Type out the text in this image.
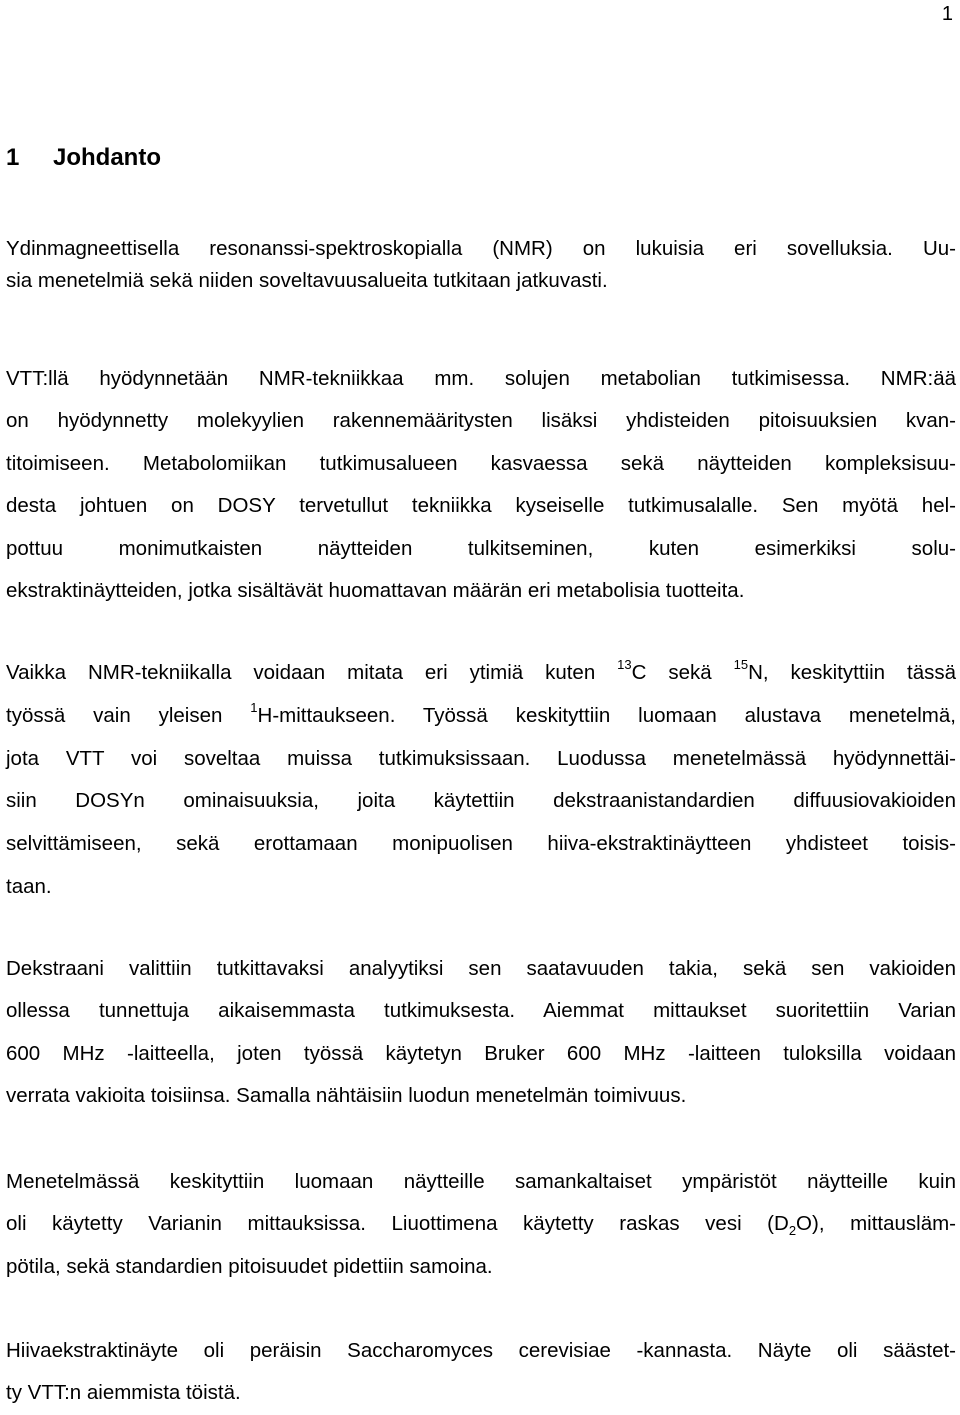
1
1 Johdanto
Ydinmagneettisella resonanssi-spektroskopialla (NMR) on lukuisia eri sovelluksia. Uu-
sia menetelmiä sekä niiden soveltavuusalueita tutkitaan jatkuvasti.
VTT:llä hyödynnetään NMR-tekniikkaa mm. solujen metabolian tutkimisessa. NMR:ää
on hyödynnetty molekyylien rakennemääritysten lisäksi yhdisteiden pitoisuuksien kvan-
titoimiseen. Metabolomiikan tutkimusalueen kasvaessa sekä näytteiden kompleksisuu-
desta johtuen on DOSY tervetullut tekniikka kyseiselle tutkimusalalle. Sen myötä hel-
pottuu monimutkaisten näytteiden tulkitseminen, kuten esimerkiksi solu-
ekstraktinäytteiden, jotka sisältävät huomattavan määrän eri metabolisia tuotteita.
Vaikka NMR-tekniikalla voidaan mitata eri ytimiä kuten $^{13}$C sekä $^{15}$N, keskityttiin tässä
työssä vain yleisen $^1$H-mittaukseen. Työssä keskityttiin luomaan alustava menetelmä,
jota VTT voi soveltaa muissa tutkimuksissaan. Luodussa menetelmässä hyödynnettäi-
siin DOSYn ominaisuuksia, joita käytettiin dekstraanistandardien diffuusiovakioiden
selvittämiseen, sekä erottamaan monipuolisen hiiva-ekstraktinäytteen yhdisteet toisis-
taan.
Dekstraani valittiin tutkittavaksi analyytiksi sen saatavuuden takia, sekä sen vakioiden
ollessa tunnettuja aikaisemmasta tutkimuksesta. Aiemmat mittaukset suoritettiin Varian
600 MHz -laitteella, joten työssä käytetyn Bruker 600 MHz -laitteen tuloksilla voidaan
verrata vakioita toisiinsa. Samalla nähtäisiin luodun menetelmän toimivuus.
Menetelmässä keskityttiin luomaan näytteille samankaltaiset ympäristöt näytteille kuin
oli käytetty Varianin mittauksissa. Liuottimena käytetty raskas vesi $(D_2O)$, mittausläm-
pötila, sekä standardien pitoisuudet pidettiin samoina.
Hiivaekstraktinäyte oli peräisin Saccharomyces cerevisiae -kannasta. Näyte oli säästet-
ty VTT:n aiemmista töistä.
